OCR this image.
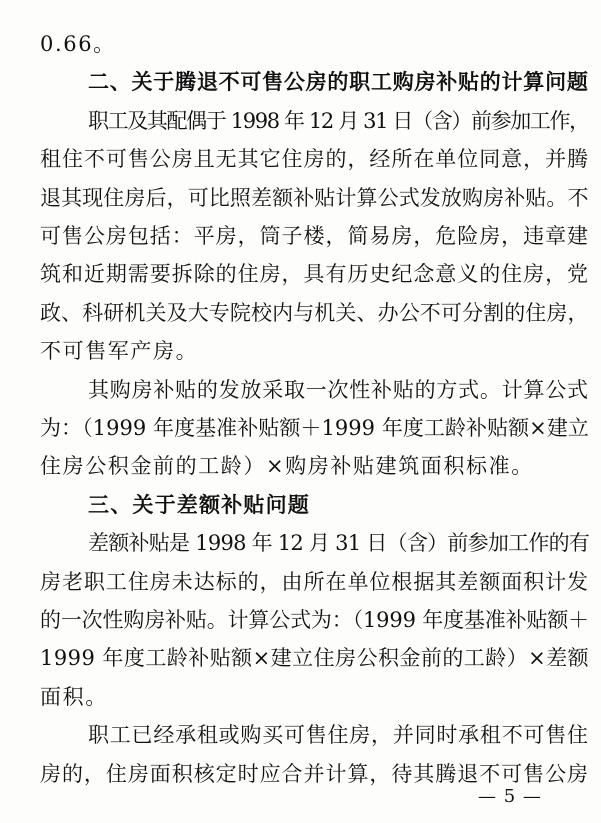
0.66。
二、关于腾退不可售公房的职工购房补贴的计算问题
职工及其配偶于 1998 年 12 月 31 日（含）前参加工作，
租住不可售公房且无其它住房的，经所在单位同意，并腾
退其现住房后，可比照差额补贴计算公式发放购房补贴。不
可售公房包括：平房，筒子楼，简易房，危险房，违章建
筑和近期需要拆除的住房，具有历史纪念意义的住房，党
政、科研机关及大专院校内与机关、办公不可分割的住房，
不可售军产房。
其购房补贴的发放采取一次性补贴的方式。计算公式
为：（1999 年度基准补贴额＋1999 年度工龄补贴额×建立
住房公积金前的工龄）×购房补贴建筑面积标准。
三、关于差额补贴问题
差额补贴是 1998 年 12 月 31 日（含）前参加工作的有
房老职工住房未达标的，由所在单位根据其差额面积计发
的一次性购房补贴。计算公式为：（1999 年度基准补贴额＋
1999 年度工龄补贴额×建立住房公积金前的工龄）×差额
面积。
职工已经承租或购买可售住房，并同时承租不可售住
房的，住房面积核定时应合并计算，待其腾退不可售公房
— 5 —
